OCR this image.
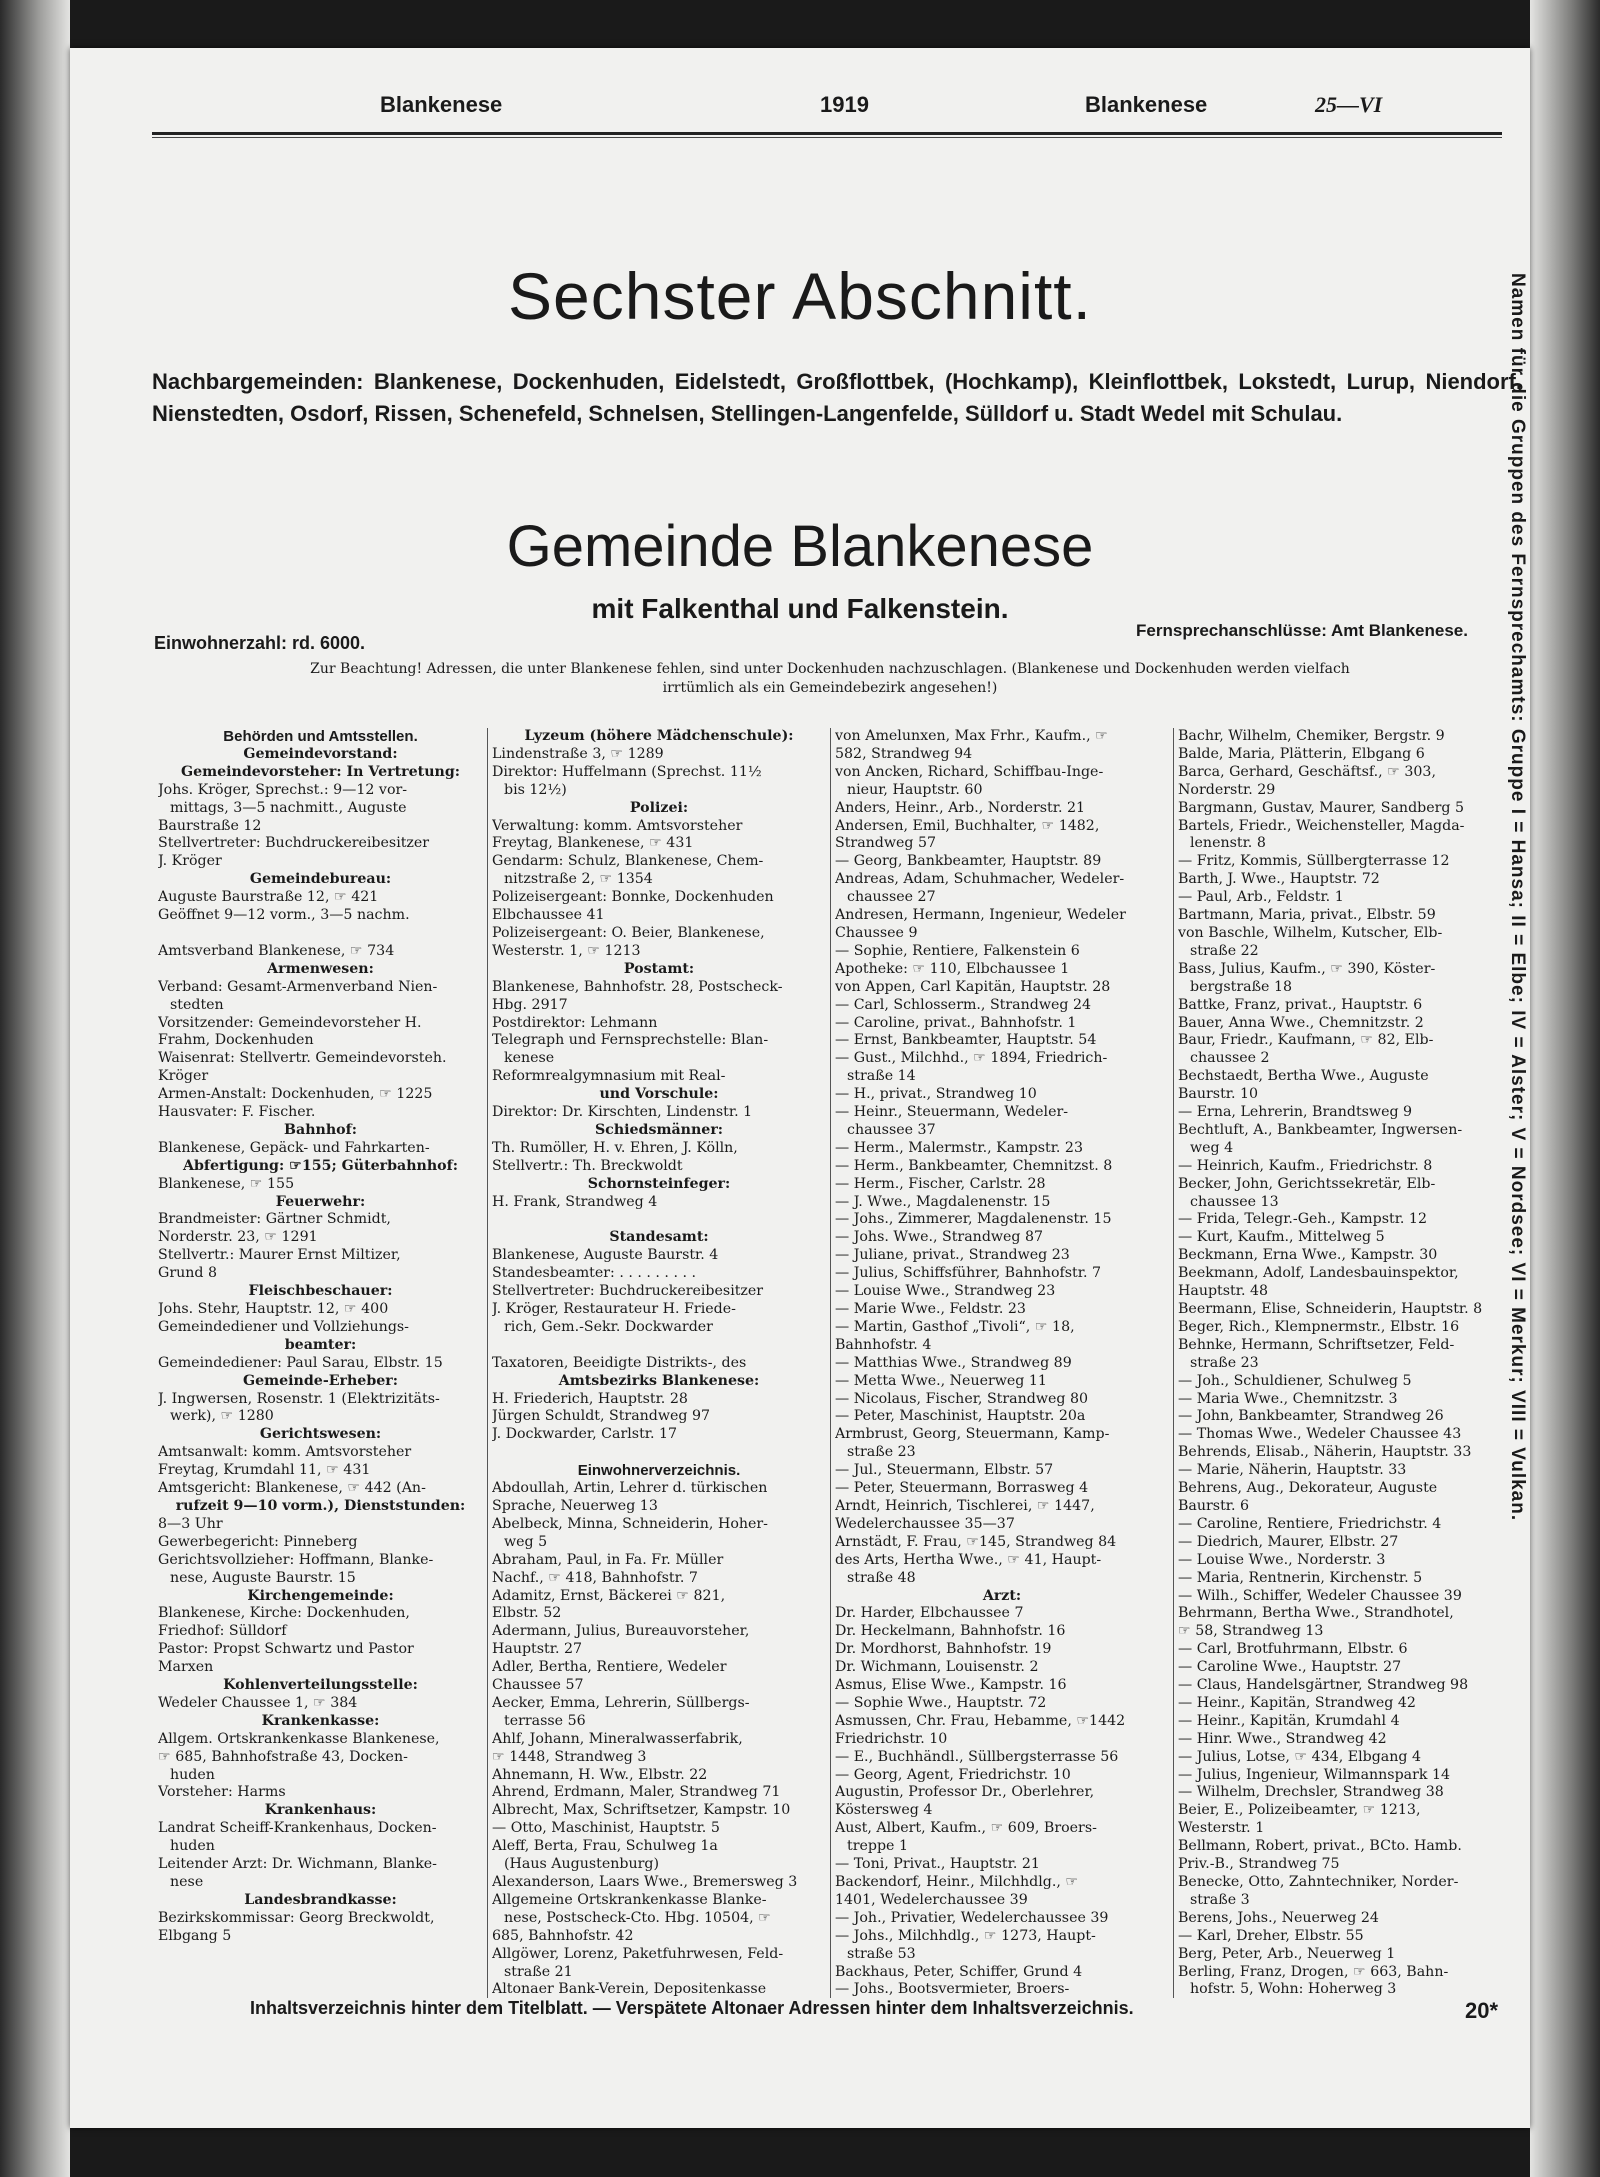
Blankenese	1919	Blankenese	25—VI
Namen für die Gruppen des Fernsprechamts: Gruppe I = Hansa; II = Elbe; IV = Alster; V = Nordsee; VI = Merkur; VIII = Vulkan.
Sechster Abschnitt.
Nachbargemeinden: Blankenese, Dockenhuden, Eidelstedt, Großflottbek, (Hochkamp), Kleinflottbek, Lokstedt, Lurup, Niendorf, Nienstedten, Osdorf, Rissen, Schenefeld, Schnelsen, Stellingen-Langenfelde, Sülldorf u. Stadt Wedel mit Schulau.
Gemeinde Blankenese
mit Falkenthal und Falkenstein.
Einwohnerzahl: rd. 6000.
Fernsprechanschlüsse: Amt Blankenese.
Zur Beachtung! Adressen, die unter Blankenese fehlen, sind unter Dockenhuden nachzuschlagen. (Blankenese und Dockenhuden werden vielfach
irrtümlich als ein Gemeindebezirk angesehen!)
Behörden und Amtsstellen.
Gemeindevorstand:
Gemeindevorsteher: In Vertretung:
Johs. Kröger, Sprechst.: 9—12 vor-
mittags, 3—5 nachmitt., Auguste
Baurstraße 12
Stellvertreter: Buchdruckereibesitzer
J. Kröger
Gemeindebureau:
Auguste Baurstraße 12, ☞ 421
Geöffnet 9—12 vorm., 3—5 nachm.

Amtsverband Blankenese, ☞ 734
Armenwesen:
Verband: Gesamt-Armenverband Nien-
stedten
Vorsitzender: Gemeindevorsteher H.
Frahm, Dockenhuden
Waisenrat: Stellvertr. Gemeindevorsteh.
Kröger
Armen-Anstalt: Dockenhuden, ☞ 1225
Hausvater: F. Fischer.
Bahnhof:
Blankenese, Gepäck- und Fahrkarten-
Abfertigung: ☞155; Güterbahnhof:
Blankenese, ☞ 155
Feuerwehr:
Brandmeister: Gärtner Schmidt,
Norderstr. 23, ☞ 1291
Stellvertr.: Maurer Ernst Miltizer,
Grund 8
Fleischbeschauer:
Johs. Stehr, Hauptstr. 12, ☞ 400
Gemeindediener und Vollziehungs-
beamter:
Gemeindediener: Paul Sarau, Elbstr. 15
Gemeinde-Erheber:
J. Ingwersen, Rosenstr. 1 (Elektrizitäts-
werk), ☞ 1280
Gerichtswesen:
Amtsanwalt: komm. Amtsvorsteher
Freytag, Krumdahl 11, ☞ 431
Amtsgericht: Blankenese, ☞ 442 (An-
rufzeit 9—10 vorm.), Dienststunden:
8—3 Uhr
Gewerbegericht: Pinneberg
Gerichtsvollzieher: Hoffmann, Blanke-
nese, Auguste Baurstr. 15
Kirchengemeinde:
Blankenese, Kirche: Dockenhuden,
Friedhof: Sülldorf
Pastor: Propst Schwartz und Pastor
Marxen
Kohlenverteilungsstelle:
Wedeler Chaussee 1, ☞ 384
Krankenkasse:
Allgem. Ortskrankenkasse Blankenese,
☞ 685, Bahnhofstraße 43, Docken-
huden
Vorsteher: Harms
Krankenhaus:
Landrat Scheiff-Krankenhaus, Docken-
huden
Leitender Arzt: Dr. Wichmann, Blanke-
nese
Landesbrandkasse:
Bezirkskommissar: Georg Breckwoldt,
Elbgang 5
Lyzeum (höhere Mädchenschule):
Lindenstraße 3, ☞ 1289
Direktor: Huffelmann (Sprechst. 11½
bis 12½)
Polizei:
Verwaltung: komm. Amtsvorsteher
Freytag, Blankenese, ☞ 431
Gendarm: Schulz, Blankenese, Chem-
nitzstraße 2, ☞ 1354
Polizeisergeant: Bonnke, Dockenhuden
Elbchaussee 41
Polizeisergeant: O. Beier, Blankenese,
Westerstr. 1, ☞ 1213
Postamt:
Blankenese, Bahnhofstr. 28, Postscheck-
Hbg. 2917
Postdirektor: Lehmann
Telegraph und Fernsprechstelle: Blan-
kenese
Reformrealgymnasium mit Real-
und Vorschule:
Direktor: Dr. Kirschten, Lindenstr. 1
Schiedsmänner:
Th. Rumöller, H. v. Ehren, J. Kölln,
Stellvertr.: Th. Breckwoldt
Schornsteinfeger:
H. Frank, Strandweg 4

Standesamt:
Blankenese, Auguste Baurstr. 4
Standesbeamter: . . . . . . . . .
Stellvertreter: Buchdruckereibesitzer
J. Kröger, Restaurateur H. Friede-
rich, Gem.-Sekr. Dockwarder

Taxatoren, Beeidigte Distrikts-, des
Amtsbezirks Blankenese:
H. Friederich, Hauptstr. 28
Jürgen Schuldt, Strandweg 97
J. Dockwarder, Carlstr. 17

Einwohnerverzeichnis.
Abdoullah, Artin, Lehrer d. türkischen
Sprache, Neuerweg 13
Abelbeck, Minna, Schneiderin, Hoher-
weg 5
Abraham, Paul, in Fa. Fr. Müller
Nachf., ☞ 418, Bahnhofstr. 7
Adamitz, Ernst, Bäckerei ☞ 821,
Elbstr. 52
Adermann, Julius, Bureauvorsteher,
Hauptstr. 27
Adler, Bertha, Rentiere, Wedeler
Chaussee 57
Aecker, Emma, Lehrerin, Süllbergs-
terrasse 56
Ahlf, Johann, Mineralwasserfabrik,
☞ 1448, Strandweg 3
Ahnemann, H. Ww., Elbstr. 22
Ahrend, Erdmann, Maler, Strandweg 71
Albrecht, Max, Schriftsetzer, Kampstr. 10
— Otto, Maschinist, Hauptstr. 5
Aleff, Berta, Frau, Schulweg 1a
(Haus Augustenburg)
Alexanderson, Laars Wwe., Bremersweg 3
Allgemeine Ortskrankenkasse Blanke-
nese, Postscheck-Cto. Hbg. 10504, ☞
685, Bahnhofstr. 42
Allgöwer, Lorenz, Paketfuhrwesen, Feld-
straße 21
Altonaer Bank-Verein, Depositenkasse
von Amelunxen, Max Frhr., Kaufm., ☞
582, Strandweg 94
von Ancken, Richard, Schiffbau-Inge-
nieur, Hauptstr. 60
Anders, Heinr., Arb., Norderstr. 21
Andersen, Emil, Buchhalter, ☞ 1482,
Strandweg 57
— Georg, Bankbeamter, Hauptstr. 89
Andreas, Adam, Schuhmacher, Wedeler-
chaussee 27
Andresen, Hermann, Ingenieur, Wedeler
Chaussee 9
— Sophie, Rentiere, Falkenstein 6
Apotheke: ☞ 110, Elbchaussee 1
von Appen, Carl Kapitän, Hauptstr. 28
— Carl, Schlosserm., Strandweg 24
— Caroline, privat., Bahnhofstr. 1
— Ernst, Bankbeamter, Hauptstr. 54
— Gust., Milchhd., ☞ 1894, Friedrich-
straße 14
— H., privat., Strandweg 10
— Heinr., Steuermann, Wedeler-
chaussee 37
— Herm., Malermstr., Kampstr. 23
— Herm., Bankbeamter, Chemnitzst. 8
— Herm., Fischer, Carlstr. 28
— J. Wwe., Magdalenenstr. 15
— Johs., Zimmerer, Magdalenenstr. 15
— Johs. Wwe., Strandweg 87
— Juliane, privat., Strandweg 23
— Julius, Schiffsführer, Bahnhofstr. 7
— Louise Wwe., Strandweg 23
— Marie Wwe., Feldstr. 23
— Martin, Gasthof „Tivoli“, ☞ 18,
Bahnhofstr. 4
— Matthias Wwe., Strandweg 89
— Metta Wwe., Neuerweg 11
— Nicolaus, Fischer, Strandweg 80
— Peter, Maschinist, Hauptstr. 20a
Armbrust, Georg, Steuermann, Kamp-
straße 23
— Jul., Steuermann, Elbstr. 57
— Peter, Steuermann, Borrasweg 4
Arndt, Heinrich, Tischlerei, ☞ 1447,
Wedelerchaussee 35—37
Arnstädt, F. Frau, ☞145, Strandweg 84
des Arts, Hertha Wwe., ☞ 41, Haupt-
straße 48
Arzt:
Dr. Harder, Elbchaussee 7
Dr. Heckelmann, Bahnhofstr. 16
Dr. Mordhorst, Bahnhofstr. 19
Dr. Wichmann, Louisenstr. 2
Asmus, Elise Wwe., Kampstr. 16
— Sophie Wwe., Hauptstr. 72
Asmussen, Chr. Frau, Hebamme, ☞1442
Friedrichstr. 10
— E., Buchhändl., Süllbergsterrasse 56
— Georg, Agent, Friedrichstr. 10
Augustin, Professor Dr., Oberlehrer,
Köstersweg 4
Aust, Albert, Kaufm., ☞ 609, Broers-
treppe 1
— Toni, Privat., Hauptstr. 21
Backendorf, Heinr., Milchhdlg., ☞
1401, Wedelerchaussee 39
— Joh., Privatier, Wedelerchaussee 39
— Johs., Milchhdlg., ☞ 1273, Haupt-
straße 53
Backhaus, Peter, Schiffer, Grund 4
— Johs., Bootsvermieter, Broers-
Bachr, Wilhelm, Chemiker, Bergstr. 9
Balde, Maria, Plätterin, Elbgang 6
Barca, Gerhard, Geschäftsf., ☞ 303,
Norderstr. 29
Bargmann, Gustav, Maurer, Sandberg 5
Bartels, Friedr., Weichensteller, Magda-
lenenstr. 8
— Fritz, Kommis, Süllbergterrasse 12
Barth, J. Wwe., Hauptstr. 72
— Paul, Arb., Feldstr. 1
Bartmann, Maria, privat., Elbstr. 59
von Baschle, Wilhelm, Kutscher, Elb-
straße 22
Bass, Julius, Kaufm., ☞ 390, Köster-
bergstraße 18
Battke, Franz, privat., Hauptstr. 6
Bauer, Anna Wwe., Chemnitzstr. 2
Baur, Friedr., Kaufmann, ☞ 82, Elb-
chaussee 2
Bechstaedt, Bertha Wwe., Auguste
Baurstr. 10
— Erna, Lehrerin, Brandtsweg 9
Bechtluft, A., Bankbeamter, Ingwersen-
weg 4
— Heinrich, Kaufm., Friedrichstr. 8
Becker, John, Gerichtssekretär, Elb-
chaussee 13
— Frida, Telegr.-Geh., Kampstr. 12
— Kurt, Kaufm., Mittelweg 5
Beckmann, Erna Wwe., Kampstr. 30
Beekmann, Adolf, Landesbauinspektor,
Hauptstr. 48
Beermann, Elise, Schneiderin, Hauptstr. 8
Beger, Rich., Klempnermstr., Elbstr. 16
Behnke, Hermann, Schriftsetzer, Feld-
straße 23
— Joh., Schuldiener, Schulweg 5
— Maria Wwe., Chemnitzstr. 3
— John, Bankbeamter, Strandweg 26
— Thomas Wwe., Wedeler Chaussee 43
Behrends, Elisab., Näherin, Hauptstr. 33
— Marie, Näherin, Hauptstr. 33
Behrens, Aug., Dekorateur, Auguste
Baurstr. 6
— Caroline, Rentiere, Friedrichstr. 4
— Diedrich, Maurer, Elbstr. 27
— Louise Wwe., Norderstr. 3
— Maria, Rentnerin, Kirchenstr. 5
— Wilh., Schiffer, Wedeler Chaussee 39
Behrmann, Bertha Wwe., Strandhotel,
☞ 58, Strandweg 13
— Carl, Brotfuhrmann, Elbstr. 6
— Caroline Wwe., Hauptstr. 27
— Claus, Handelsgärtner, Strandweg 98
— Heinr., Kapitän, Strandweg 42
— Heinr., Kapitän, Krumdahl 4
— Hinr. Wwe., Strandweg 42
— Julius, Lotse, ☞ 434, Elbgang 4
— Julius, Ingenieur, Wilmannspark 14
— Wilhelm, Drechsler, Strandweg 38
Beier, E., Polizeibeamter, ☞ 1213,
Westerstr. 1
Bellmann, Robert, privat., BCto. Hamb.
Priv.-B., Strandweg 75
Benecke, Otto, Zahntechniker, Norder-
straße 3
Berens, Johs., Neuerweg 24
— Karl, Dreher, Elbstr. 55
Berg, Peter, Arb., Neuerweg 1
Berling, Franz, Drogen, ☞ 663, Bahn-
hofstr. 5, Wohn: Hoherweg 3
Inhaltsverzeichnis hinter dem Titelblatt. — Verspätete Altonaer Adressen hinter dem Inhaltsverzeichnis.	20*
